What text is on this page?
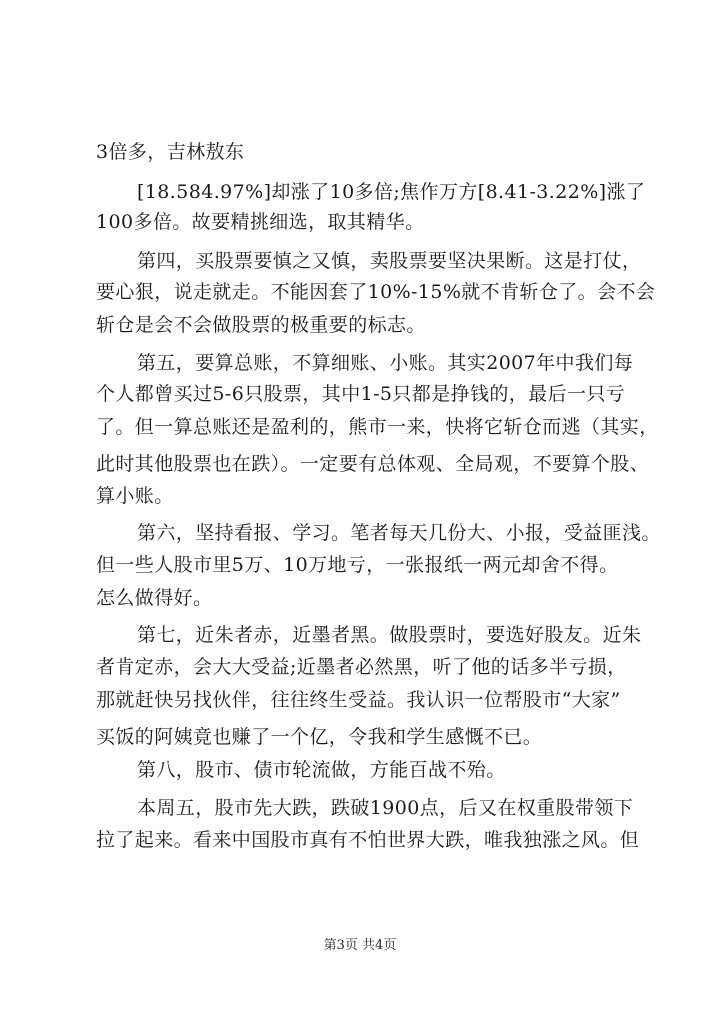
3倍多，吉林敖东
[18.584.97%]却涨了10多倍;焦作万方[8.41-3.22%]涨了
100多倍。故要精挑细选，取其精华。
第四，买股票要慎之又慎，卖股票要坚决果断。这是打仗，
要心狠，说走就走。不能因套了10%-15%就不肯斩仓了。会不会
斩仓是会不会做股票的极重要的标志。
第五，要算总账，不算细账、小账。其实2007年中我们每
个人都曾买过5-6只股票，其中1-5只都是挣钱的，最后一只亏
了。但一算总账还是盈利的，熊市一来，快将它斩仓而逃（其实，
此时其他股票也在跌）。一定要有总体观、全局观，不要算个股、
算小账。
第六，坚持看报、学习。笔者每天几份大、小报，受益匪浅。
但一些人股市里5万、10万地亏，一张报纸一两元却舍不得。
怎么做得好。
第七，近朱者赤，近墨者黑。做股票时，要选好股友。近朱
者肯定赤，会大大受益;近墨者必然黑，听了他的话多半亏损，
那就赶快另找伙伴，往往终生受益。我认识一位帮股市“大家”
买饭的阿姨竟也赚了一个亿，令我和学生感慨不已。
第八，股市、债市轮流做，方能百战不殆。
本周五，股市先大跌，跌破1900点，后又在权重股带领下
拉了起来。看来中国股市真有不怕世界大跌，唯我独涨之风。但
第3页 共4页
